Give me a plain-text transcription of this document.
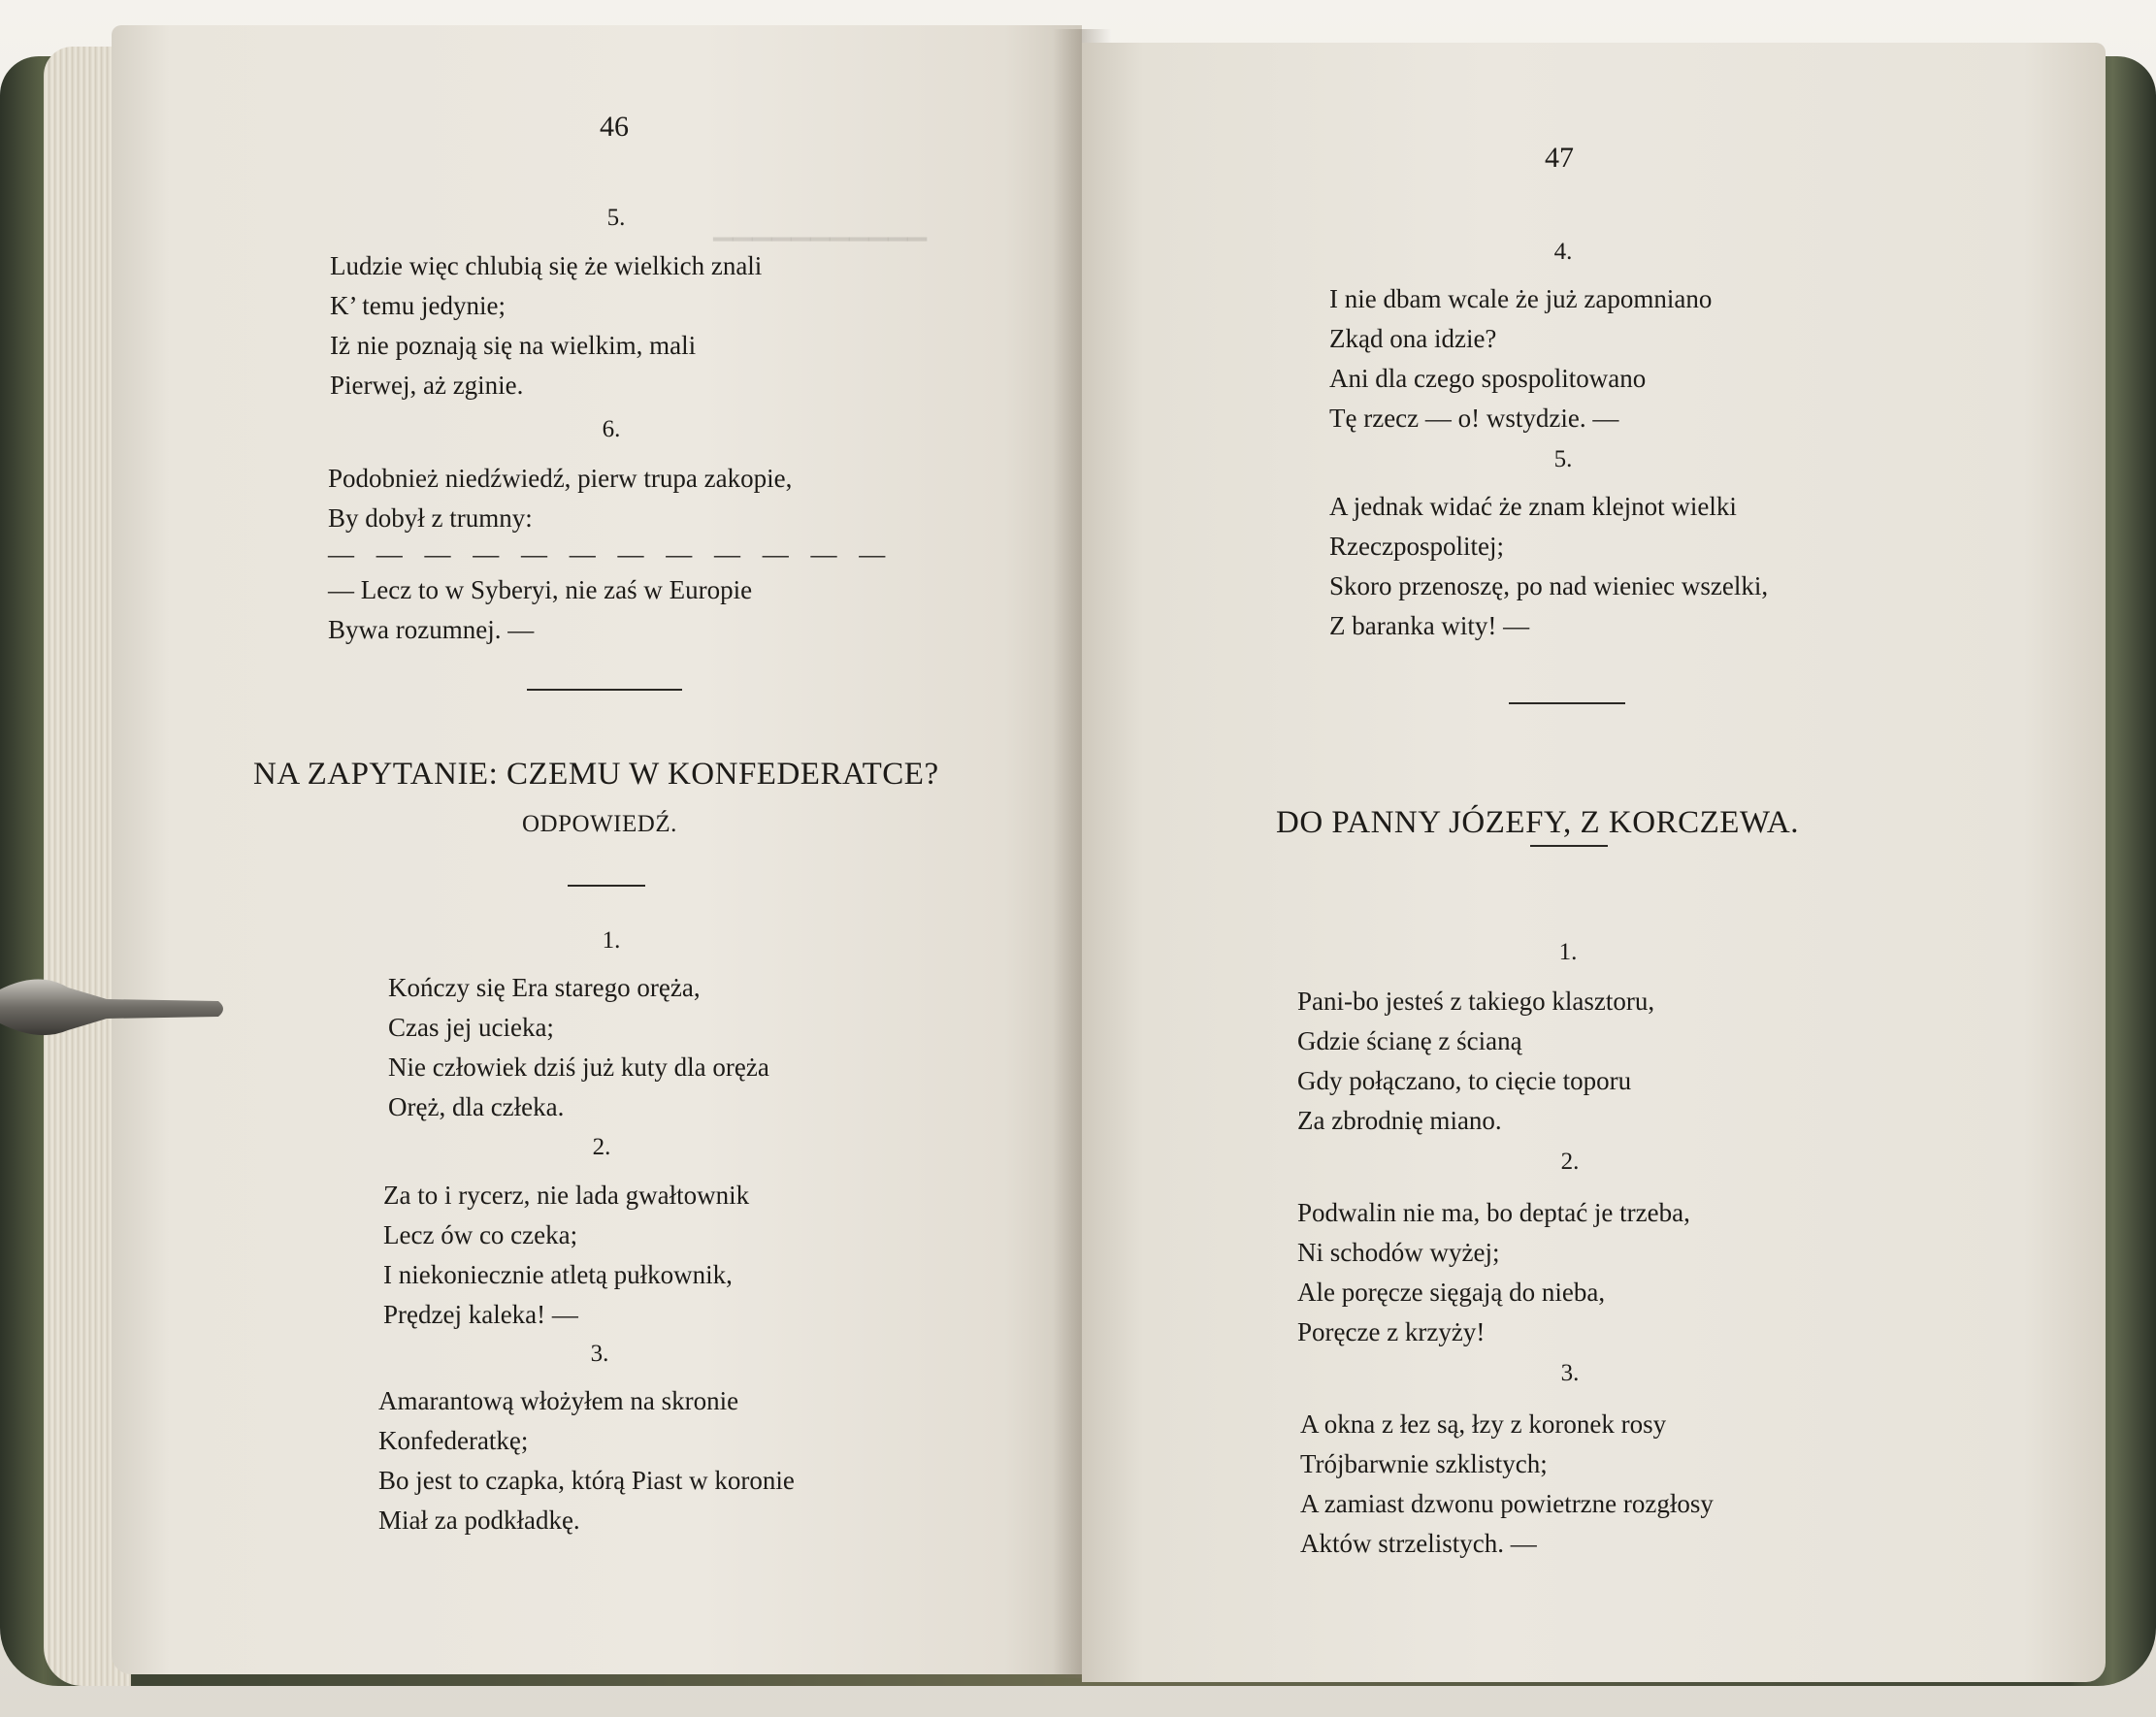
▔▔▔▔▔▔▔▔▔▔▔
46
5.
Ludzie więc chlubią się że wielkich znali
K’ temu jedynie;
Iż nie poznają się na wielkim, mali
Pierwej, aż zginie.
6.
Podobnież niedźwiedź, pierw trupa zakopie,
By dobył z trumny:
— — — — — — — — — — — —
— Lecz to w Syberyi, nie zaś w Europie
Bywa rozumnej. —
NA ZAPYTANIE: CZEMU W KONFEDERATCE?
ODPOWIEDŹ.
1.
Kończy się Era starego oręża,
Czas jej ucieka;
Nie człowiek dziś już kuty dla oręża
Oręż, dla człeka.
2.
Za to i rycerz, nie lada gwałtownik
Lecz ów co czeka;
I niekoniecznie atletą pułkownik,
Prędzej kaleka! —
3.
Amarantową włożyłem na skronie
Konfederatkę;
Bo jest to czapka, którą Piast w koronie
Miał za podkładkę.
47
4.
I nie dbam wcale że już zapomniano
Zkąd ona idzie?
Ani dla czego spospolitowano
Tę rzecz — o! wstydzie. —
5.
A jednak widać że znam klejnot wielki
Rzeczpospolitej;
Skoro przenoszę, po nad wieniec wszelki,
Z baranka wity! —
DO PANNY JÓZEFY, Z KORCZEWA.
1.
Pani-bo jesteś z takiego klasztoru,
Gdzie ścianę z ścianą
Gdy połączano, to cięcie toporu
Za zbrodnię miano.
2.
Podwalin nie ma, bo deptać je trzeba,
Ni schodów wyżej;
Ale poręcze sięgają do nieba,
Poręcze z krzyży!
3.
A okna z łez są, łzy z koronek rosy
Trójbarwnie szklistych;
A zamiast dzwonu powietrzne rozgłosy
Aktów strzelistych. —
